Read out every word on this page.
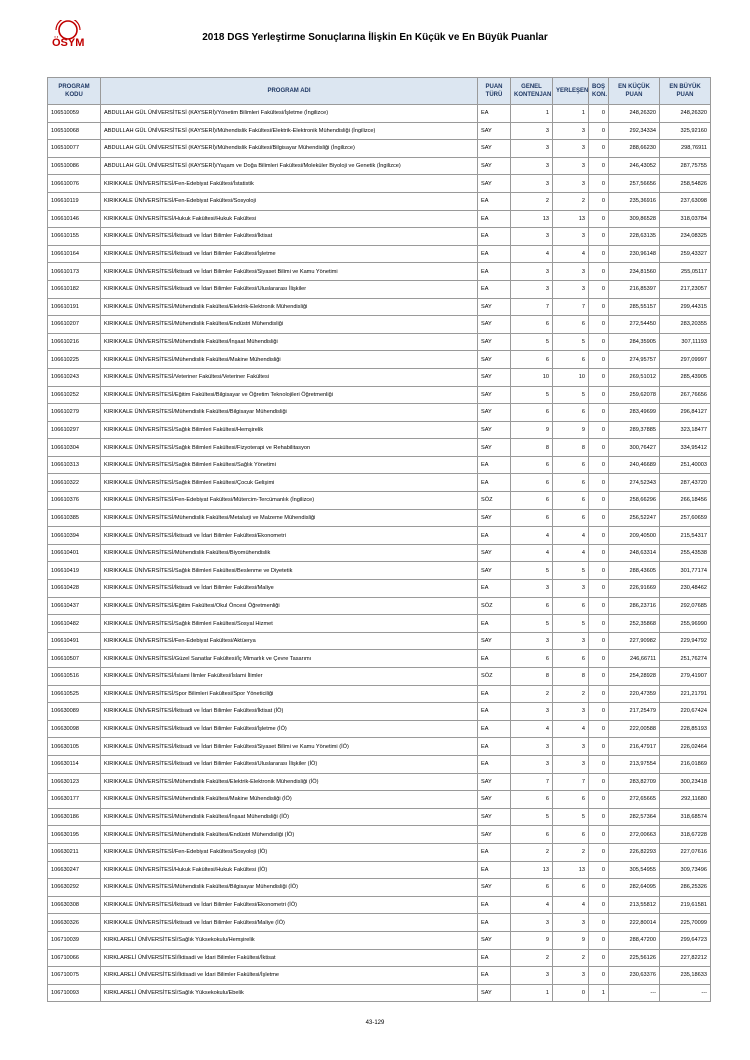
ÖSYM	2018 DGS Yerleştirme Sonuçlarına İlişkin En Küçük ve En Büyük Puanlar
PROGRAM KODU	PROGRAM ADI	PUAN TÜRÜ	GENEL KONTENJAN	YERLEŞEN	BOŞ KON.	EN KÜÇÜK PUAN	EN BÜYÜK PUAN
106510059	ABDULLAH GÜL ÜNİVERSİTESİ (KAYSERİ)/Yönetim Bilimleri Fakültesi/İşletme (İngilizce)	EA	1	1	0	248,26320	248,26320
106510068	ABDULLAH GÜL ÜNİVERSİTESİ (KAYSERİ)/Mühendislik Fakültesi/Elektrik-Elektronik Mühendisliği (İngilizce)	SAY	3	3	0	292,34334	325,92160
106510077	ABDULLAH GÜL ÜNİVERSİTESİ (KAYSERİ)/Mühendislik Fakültesi/Bilgisayar Mühendisliği (İngilizce)	SAY	3	3	0	288,66230	298,76911
106510086	ABDULLAH GÜL ÜNİVERSİTESİ (KAYSERİ)/Yaşam ve Doğa Bilimleri Fakültesi/Moleküler Biyoloji ve Genetik (İngilizce)	SAY	3	3	0	246,43052	287,75755
106610076	KIRIKKALE ÜNİVERSİTESİ/Fen-Edebiyat Fakültesi/İstatistik	SAY	3	3	0	257,56656	258,54826
106610119	KIRIKKALE ÜNİVERSİTESİ/Fen-Edebiyat Fakültesi/Sosyoloji	EA	2	2	0	235,36916	237,63098
106610146	KIRIKKALE ÜNİVERSİTESİ/Hukuk Fakültesi/Hukuk Fakültesi	EA	13	13	0	309,86528	318,03784
106610155	KIRIKKALE ÜNİVERSİTESİ/İktisadi ve İdari Bilimler Fakültesi/İktisat	EA	3	3	0	228,63135	234,08325
106610164	KIRIKKALE ÜNİVERSİTESİ/İktisadi ve İdari Bilimler Fakültesi/İşletme	EA	4	4	0	230,96148	259,43327
106610173	KIRIKKALE ÜNİVERSİTESİ/İktisadi ve İdari Bilimler Fakültesi/Siyaset Bilimi ve Kamu Yönetimi	EA	3	3	0	234,81560	255,05117
106610182	KIRIKKALE ÜNİVERSİTESİ/İktisadi ve İdari Bilimler Fakültesi/Uluslararası İlişkiler	EA	3	3	0	216,85397	217,23057
106610191	KIRIKKALE ÜNİVERSİTESİ/Mühendislik Fakültesi/Elektrik-Elektronik Mühendisliği	SAY	7	7	0	285,55157	299,44315
106610207	KIRIKKALE ÜNİVERSİTESİ/Mühendislik Fakültesi/Endüstri Mühendisliği	SAY	6	6	0	272,54450	283,20355
106610216	KIRIKKALE ÜNİVERSİTESİ/Mühendislik Fakültesi/İnşaat Mühendisliği	SAY	5	5	0	284,35905	307,11193
106610225	KIRIKKALE ÜNİVERSİTESİ/Mühendislik Fakültesi/Makine Mühendisliği	SAY	6	6	0	274,95757	297,09997
106610243	KIRIKKALE ÜNİVERSİTESİ/Veteriner Fakültesi/Veteriner Fakültesi	SAY	10	10	0	269,51012	285,43905
106610252	KIRIKKALE ÜNİVERSİTESİ/Eğitim Fakültesi/Bilgisayar ve Öğretim Teknolojileri Öğretmenliği	SAY	5	5	0	259,62078	267,76656
106610279	KIRIKKALE ÜNİVERSİTESİ/Mühendislik Fakültesi/Bilgisayar Mühendisliği	SAY	6	6	0	283,49699	296,84127
106610297	KIRIKKALE ÜNİVERSİTESİ/Sağlık Bilimleri Fakültesi/Hemşirelik	SAY	9	9	0	289,37885	323,18477
106610304	KIRIKKALE ÜNİVERSİTESİ/Sağlık Bilimleri Fakültesi/Fizyoterapi ve Rehabilitasyon	SAY	8	8	0	300,76427	334,95412
106610313	KIRIKKALE ÜNİVERSİTESİ/Sağlık Bilimleri Fakültesi/Sağlık Yönetimi	EA	6	6	0	240,46689	251,40003
106610322	KIRIKKALE ÜNİVERSİTESİ/Sağlık Bilimleri Fakültesi/Çocuk Gelişimi	EA	6	6	0	274,52343	287,43720
106610376	KIRIKKALE ÜNİVERSİTESİ/Fen-Edebiyat Fakültesi/Mütercim-Tercümanlık (İngilizce)	SÖZ	6	6	0	258,66296	266,18456
106610385	KIRIKKALE ÜNİVERSİTESİ/Mühendislik Fakültesi/Metalurji ve Malzeme Mühendisliği	SAY	6	6	0	256,52247	257,60659
106610394	KIRIKKALE ÜNİVERSİTESİ/İktisadi ve İdari Bilimler Fakültesi/Ekonometri	EA	4	4	0	209,40500	215,54317
106610401	KIRIKKALE ÜNİVERSİTESİ/Mühendislik Fakültesi/Biyomühendislik	SAY	4	4	0	248,63314	255,43538
106610419	KIRIKKALE ÜNİVERSİTESİ/Sağlık Bilimleri Fakültesi/Beslenme ve Diyetetik	SAY	5	5	0	288,43605	301,77174
106610428	KIRIKKALE ÜNİVERSİTESİ/İktisadi ve İdari Bilimler Fakültesi/Maliye	EA	3	3	0	226,91669	230,48462
106610437	KIRIKKALE ÜNİVERSİTESİ/Eğitim Fakültesi/Okul Öncesi Öğretmenliği	SÖZ	6	6	0	286,23716	292,07685
106610482	KIRIKKALE ÜNİVERSİTESİ/Sağlık Bilimleri Fakültesi/Sosyal Hizmet	EA	5	5	0	252,35868	255,96990
106610491	KIRIKKALE ÜNİVERSİTESİ/Fen-Edebiyat Fakültesi/Aktüerya	SAY	3	3	0	227,90982	229,94792
106610507	KIRIKKALE ÜNİVERSİTESİ/Güzel Sanatlar Fakültesi/İç Mimarlık ve Çevre Tasarımı	EA	6	6	0	246,66711	251,76274
106610516	KIRIKKALE ÜNİVERSİTESİ/İslami İlimler Fakültesi/İslami İlimler	SÖZ	8	8	0	254,28928	279,41907
106610525	KIRIKKALE ÜNİVERSİTESİ/Spor Bilimleri Fakültesi/Spor Yöneticiliği	EA	2	2	0	220,47359	221,21791
106630089	KIRIKKALE ÜNİVERSİTESİ/İktisadi ve İdari Bilimler Fakültesi/İktisat (İÖ)	EA	3	3	0	217,25479	220,67424
106630098	KIRIKKALE ÜNİVERSİTESİ/İktisadi ve İdari Bilimler Fakültesi/İşletme (İÖ)	EA	4	4	0	222,00588	228,85193
106630105	KIRIKKALE ÜNİVERSİTESİ/İktisadi ve İdari Bilimler Fakültesi/Siyaset Bilimi ve Kamu Yönetimi (İÖ)	EA	3	3	0	216,47917	226,02464
106630114	KIRIKKALE ÜNİVERSİTESİ/İktisadi ve İdari Bilimler Fakültesi/Uluslararası İlişkiler (İÖ)	EA	3	3	0	213,97554	216,01869
106630123	KIRIKKALE ÜNİVERSİTESİ/Mühendislik Fakültesi/Elektrik-Elektronik Mühendisliği (İÖ)	SAY	7	7	0	283,82709	300,23418
106630177	KIRIKKALE ÜNİVERSİTESİ/Mühendislik Fakültesi/Makine Mühendisliği (İÖ)	SAY	6	6	0	272,65665	292,11680
106630186	KIRIKKALE ÜNİVERSİTESİ/Mühendislik Fakültesi/İnşaat Mühendisliği (İÖ)	SAY	5	5	0	282,57364	318,68574
106630195	KIRIKKALE ÜNİVERSİTESİ/Mühendislik Fakültesi/Endüstri Mühendisliği (İÖ)	SAY	6	6	0	272,00663	318,67228
106630211	KIRIKKALE ÜNİVERSİTESİ/Fen-Edebiyat Fakültesi/Sosyoloji (İÖ)	EA	2	2	0	226,82293	227,07616
106630247	KIRIKKALE ÜNİVERSİTESİ/Hukuk Fakültesi/Hukuk Fakültesi (İÖ)	EA	13	13	0	305,54955	309,73496
106630292	KIRIKKALE ÜNİVERSİTESİ/Mühendislik Fakültesi/Bilgisayar Mühendisliği (İÖ)	SAY	6	6	0	282,64095	286,25326
106630308	KIRIKKALE ÜNİVERSİTESİ/İktisadi ve İdari Bilimler Fakültesi/Ekonometri (İÖ)	EA	4	4	0	213,55812	219,61581
106630326	KIRIKKALE ÜNİVERSİTESİ/İktisadi ve İdari Bilimler Fakültesi/Maliye (İÖ)	EA	3	3	0	222,80014	225,70099
106710039	KIRKLARELİ ÜNİVERSİTESİ/Sağlık Yüksekokulu/Hemşirelik	SAY	9	9	0	288,47200	299,64723
106710066	KIRKLARELİ ÜNİVERSİTESİ/İktisadi ve İdari Bilimler Fakültesi/İktisat	EA	2	2	0	225,56126	227,82212
106710075	KIRKLARELİ ÜNİVERSİTESİ/İktisadi ve İdari Bilimler Fakültesi/İşletme	EA	3	3	0	230,63376	235,18633
106710093	KIRKLARELİ ÜNİVERSİTESİ/Sağlık Yüksekokulu/Ebelik	SAY	1	0	1	---	---
43-129
